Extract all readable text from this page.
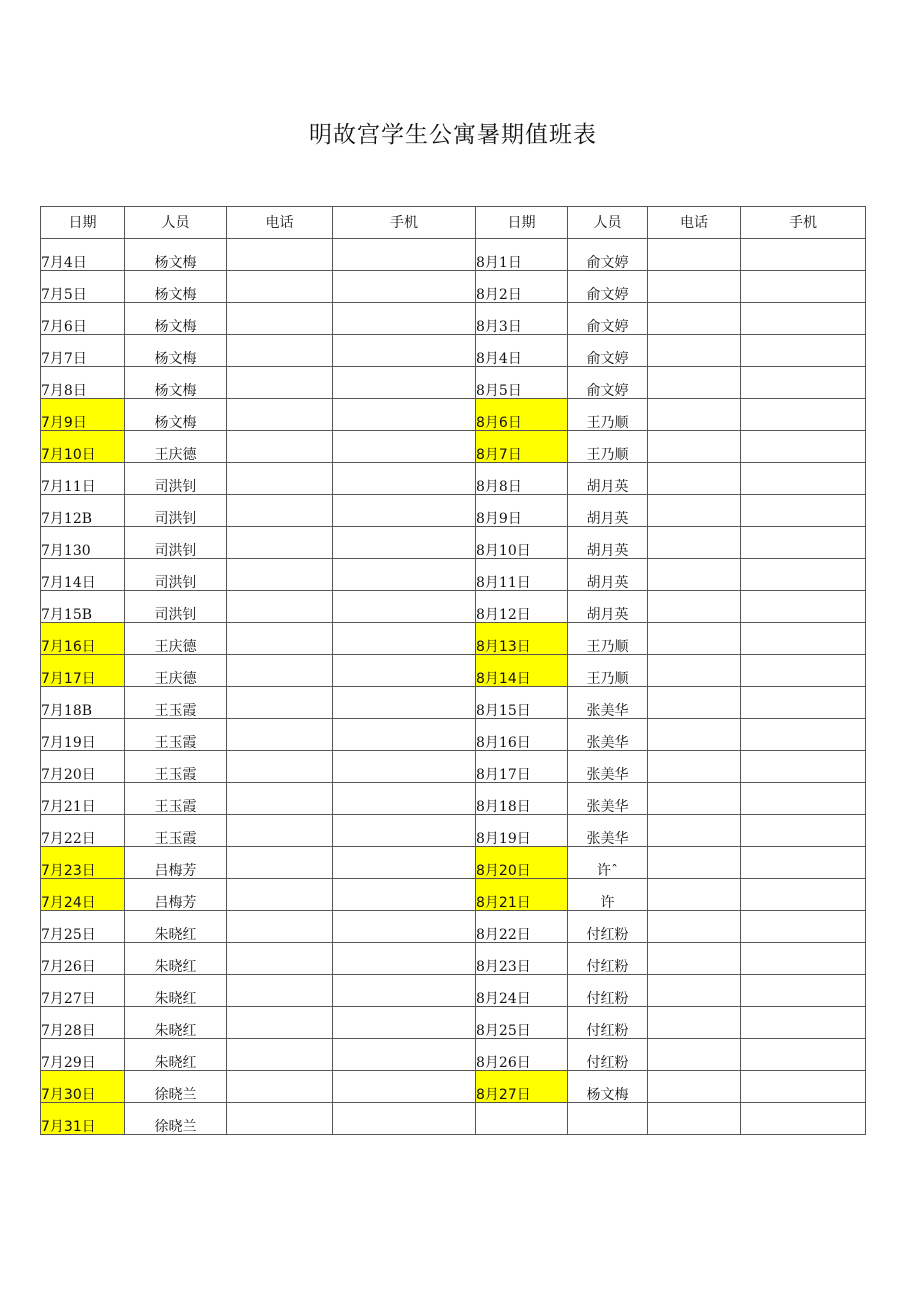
明故宫学生公寓暑期值班表
日期	人员	电话	手机	日期	人员	电话	手机
7月4日	杨文梅			8月1日	俞文婷		
7月5日	杨文梅			8月2日	俞文婷		
7月6日	杨文梅			8月3日	俞文婷		
7月7日	杨文梅			8月4日	俞文婷		
7月8日	杨文梅			8月5日	俞文婷		
7月9日	杨文梅			8月6日	王乃顺		
7月10日	王庆德			8月7日	王乃顺		
7月11日	司洪钊			8月8日	胡月英		
7月12B	司洪钊			8月9日	胡月英		
7月130	司洪钊			8月10日	胡月英		
7月14日	司洪钊			8月11日	胡月英		
7月15B	司洪钊			8月12日	胡月英		
7月16日	王庆德			8月13日	王乃顺		
7月17日	王庆德			8月14日	王乃顺		
7月18B	王玉霞			8月15日	张美华		
7月19日	王玉霞			8月16日	张美华		
7月20日	王玉霞			8月17日	张美华		
7月21日	王玉霞			8月18日	张美华		
7月22日	王玉霞			8月19日	张美华		
7月23日	吕梅芳			8月20日	许ˆ		
7月24日	吕梅芳			8月21日	许		
7月25日	朱晓红			8月22日	付红粉		
7月26日	朱晓红			8月23日	付红粉		
7月27日	朱晓红			8月24日	付红粉		
7月28日	朱晓红			8月25日	付红粉		
7月29日	朱晓红			8月26日	付红粉		
7月30日	徐晓兰			8月27日	杨文梅		
7月31日	徐晓兰						
